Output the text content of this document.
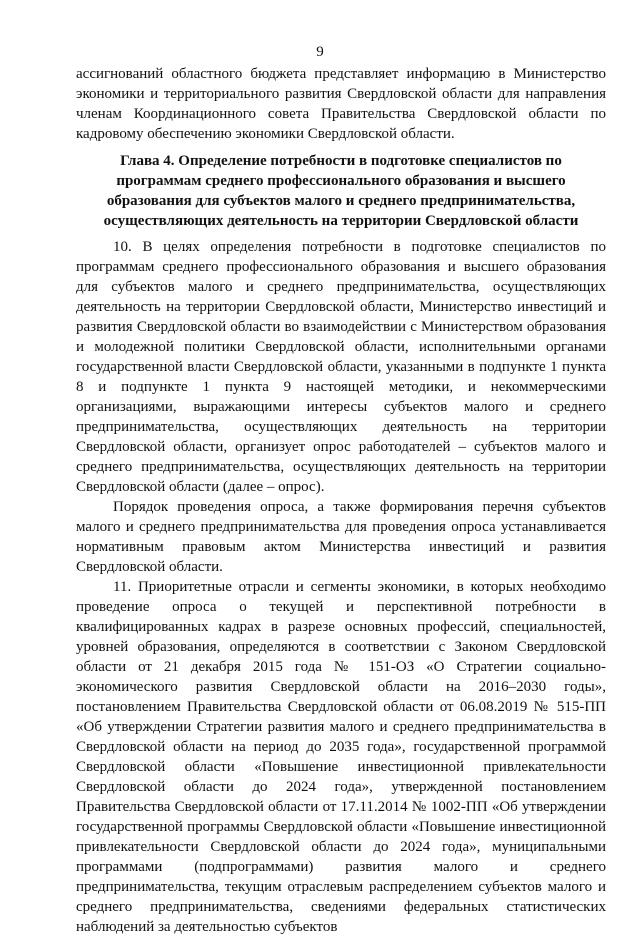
9

ассигнований областного бюджета представляет информацию в Министерство экономики и территориального развития Свердловской области для направления членам Координационного совета Правительства Свердловской области по кадровому обеспечению экономики Свердловской области.

Глава 4. Определение потребности в подготовке специалистов по программам среднего профессионального образования и высшего образования для субъектов малого и среднего предпринимательства, осуществляющих деятельность на территории Свердловской области

10. В целях определения потребности в подготовке специалистов по программам среднего профессионального образования и высшего образования для субъектов малого и среднего предпринимательства, осуществляющих деятельность на территории Свердловской области, Министерство инвестиций и развития Свердловской области во взаимодействии с Министерством образования и молодежной политики Свердловской области, исполнительными органами государственной власти Свердловской области, указанными в подпункте 1 пункта 8 и подпункте 1 пункта 9 настоящей методики, и некоммерческими организациями, выражающими интересы субъектов малого и среднего предпринимательства, осуществляющих деятельность на территории Свердловской области, организует опрос работодателей – субъектов малого и среднего предпринимательства, осуществляющих деятельность на территории Свердловской области (далее – опрос).

Порядок проведения опроса, а также формирования перечня субъектов малого и среднего предпринимательства для проведения опроса устанавливается нормативным правовым актом Министерства инвестиций и развития Свердловской области.

11. Приоритетные отрасли и сегменты экономики, в которых необходимо проведение опроса о текущей и перспективной потребности в квалифицированных кадрах в разрезе основных профессий, специальностей, уровней образования, определяются в соответствии с Законом Свердловской области от 21 декабря 2015 года № 151-ОЗ «О Стратегии социально-экономического развития Свердловской области на 2016–2030 годы», постановлением Правительства Свердловской области от 06.08.2019 № 515-ПП «Об утверждении Стратегии развития малого и среднего предпринимательства в Свердловской области на период до 2035 года», государственной программой Свердловской области «Повышение инвестиционной привлекательности Свердловской области до 2024 года», утвержденной постановлением Правительства Свердловской области от 17.11.2014 № 1002-ПП «Об утверждении государственной программы Свердловской области «Повышение инвестиционной привлекательности Свердловской области до 2024 года», муниципальными программами (подпрограммами) развития малого и среднего предпринимательства, текущим отраслевым распределением субъектов малого и среднего предпринимательства, сведениями федеральных статистических наблюдений за деятельностью субъектов
